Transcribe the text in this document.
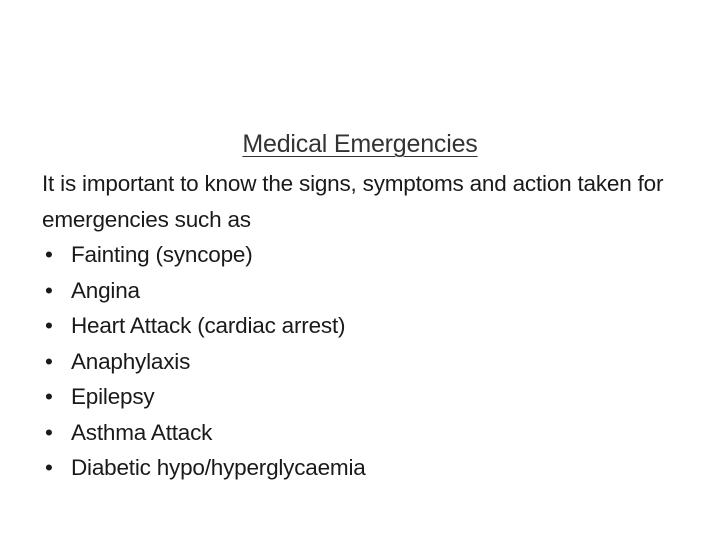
Medical Emergencies

It is important to know the signs, symptoms and action taken for emergencies such as

• Fainting (syncope)
• Angina
• Heart Attack (cardiac arrest)
• Anaphylaxis
• Epilepsy
• Asthma Attack
• Diabetic hypo/hyperglycaemia
